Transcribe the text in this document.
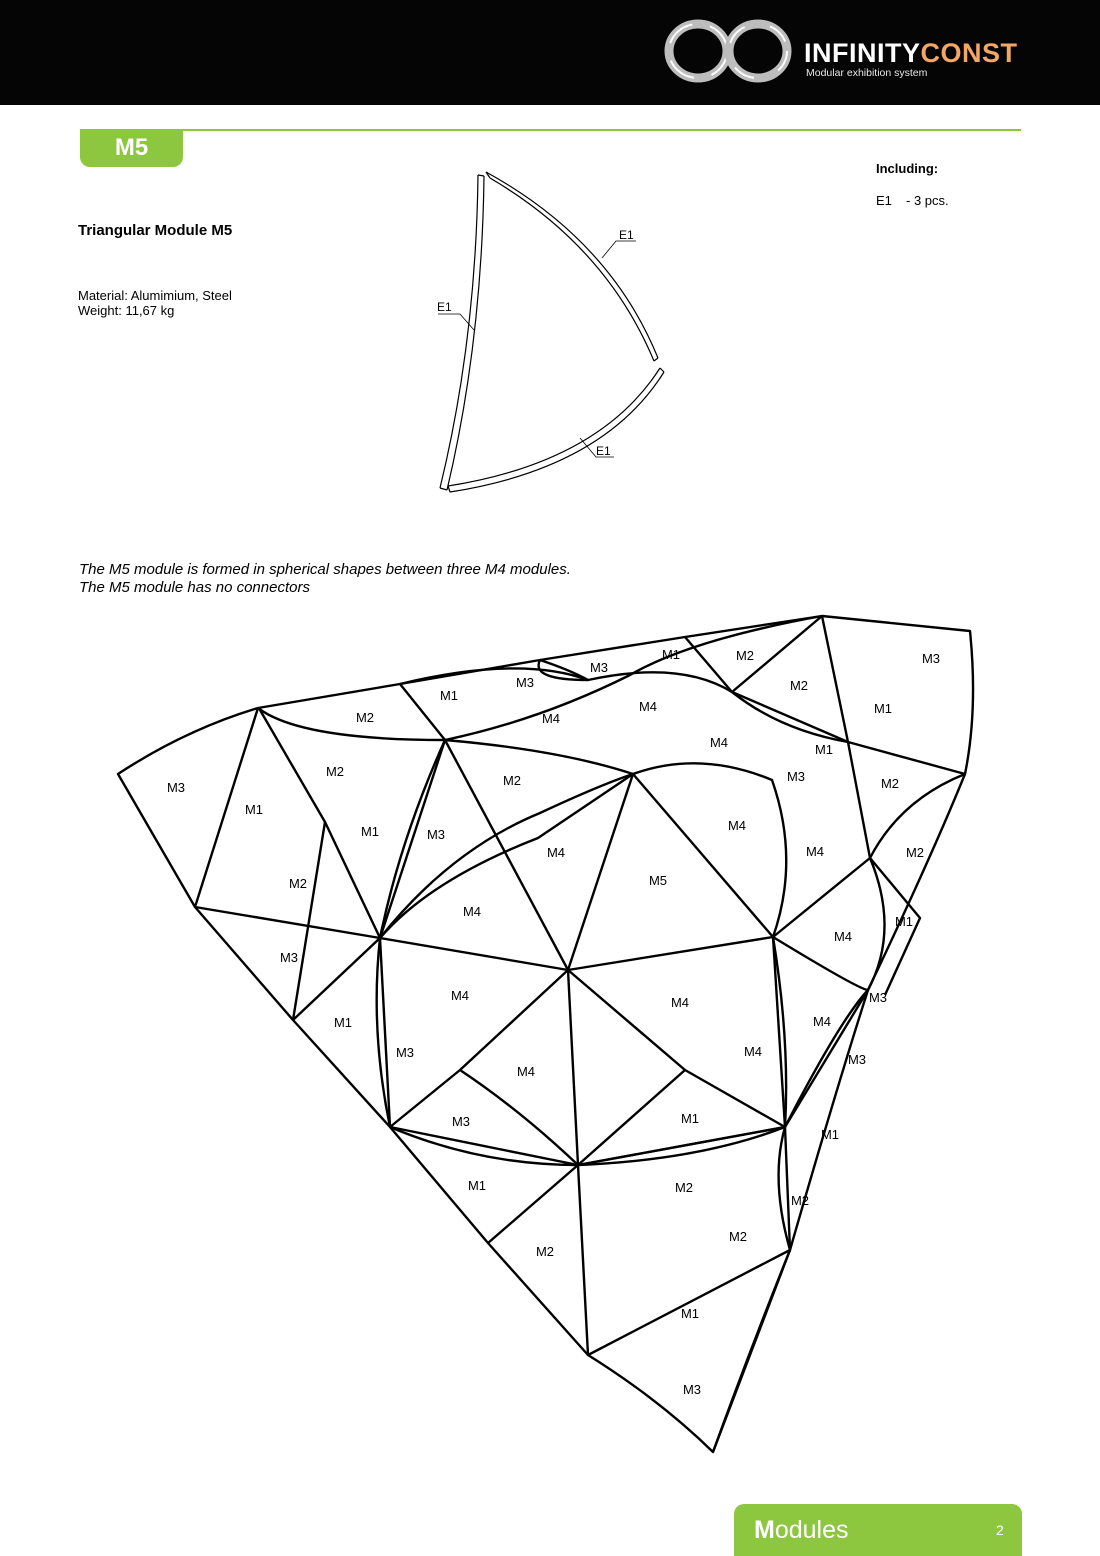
INFINITYCONST
Modular exhibition system
M5
Triangular Module M5
Material: Alumimium, Steel
Weight: 11,67 kg
Including:
E1 - 3 pcs.
E1
E1
E1
The M5 module is formed in spherical shapes between three M4 modules.
The M5 module has no connectors
M1	M2	M3
M3
M2
M3
M1
M2
M4
M4
M1
M1
M2
M4
M3
M1
M2
M2
M3
M1	M4
M3
M4
M4
M5
M2
M4
M1
M2
M4
M3
M4	M4
M4
M4
M3
M1
M4
M3
M3
M3	M1
M1
M1	M2
M2
M2
M2
M1
M3
Modules	2
